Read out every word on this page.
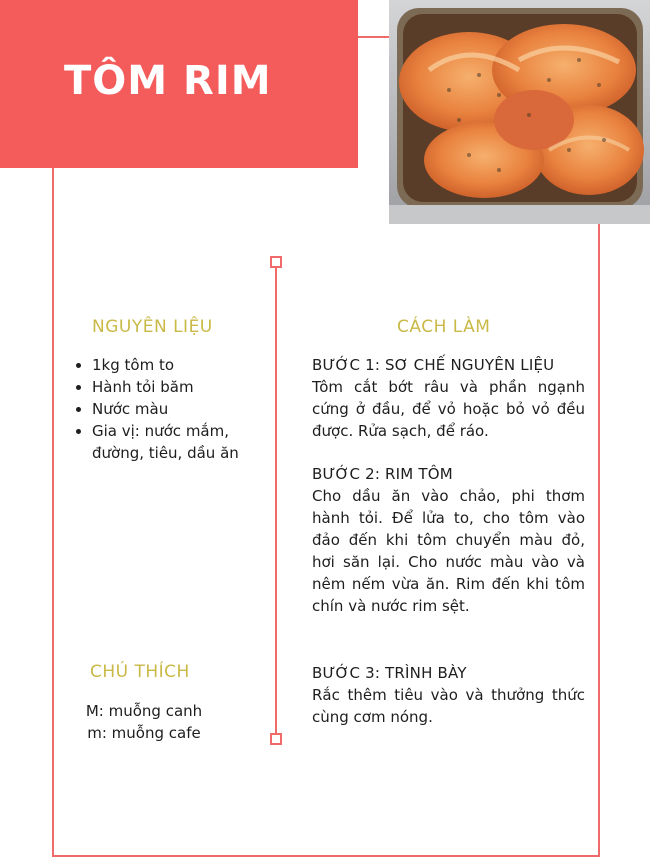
TÔM RIM
NGUYÊN LIỆU
1kg tôm to
Hành tỏi băm
Nước màu
Gia vị: nước mắm, đường, tiêu, dầu ăn
CHÚ THÍCH
M: muỗng canh
m: muỗng cafe
CÁCH LÀM
BƯỚC 1: SƠ CHẾ NGUYÊN LIỆU

Tôm cắt bớt râu và phần ngạnh cứng ở đầu, để vỏ hoặc bỏ vỏ đều được. Rửa sạch, để ráo.

BƯỚC 2: RIM TÔM

Cho dầu ăn vào chảo, phi thơm hành tỏi. Để lửa to, cho tôm vào đảo đến khi tôm chuyển màu đỏ, hơi săn lại. Cho nước màu vào và nêm nếm vừa ăn. Rim đến khi tôm chín và nước rim sệt.

BƯỚC 3: TRÌNH BÀY

Rắc thêm tiêu vào và thưởng thức cùng cơm nóng.
